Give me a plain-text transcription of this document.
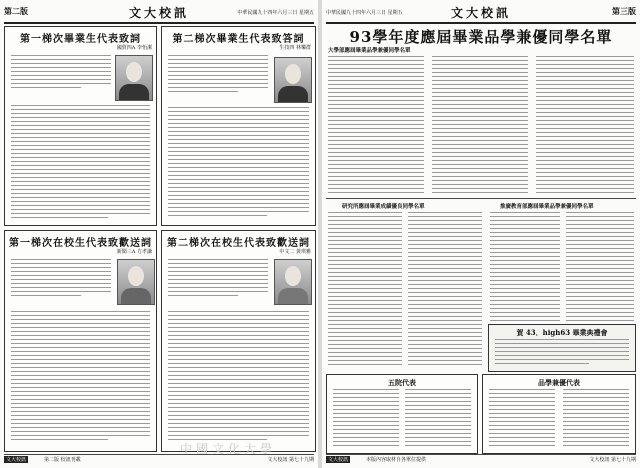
第二版	文大校訊	中華民國九十四年六月三日 星期五
第一梯次畢業生代表致詞
國貿四A 李怡潔
第二梯次畢業生代表致答詞
生技四 林樂群
第一梯次在校生代表致歡送詞
新聞三A 方孝謙
第二梯次在校生代表致歡送詞
中文二 黃琪雅
文大校訊	第二版 校訊刊載	文大校訊 第七十九期
中華民國九十四年六月三日 星期五	文大校訊	第三版
93學年度應屆畢業品學兼優同學名單
大學部應屆畢業品學兼優同學名單
研究所應屆畢業成績優良同學名單	推廣教育部應屆畢業品學兼優同學名單
賀 43．high63 畢業典禮會
五院代表	品學兼優代表
文大校訊	本版內容取材自各單位提供	文大校訊 第七十九期
中國文化大學
